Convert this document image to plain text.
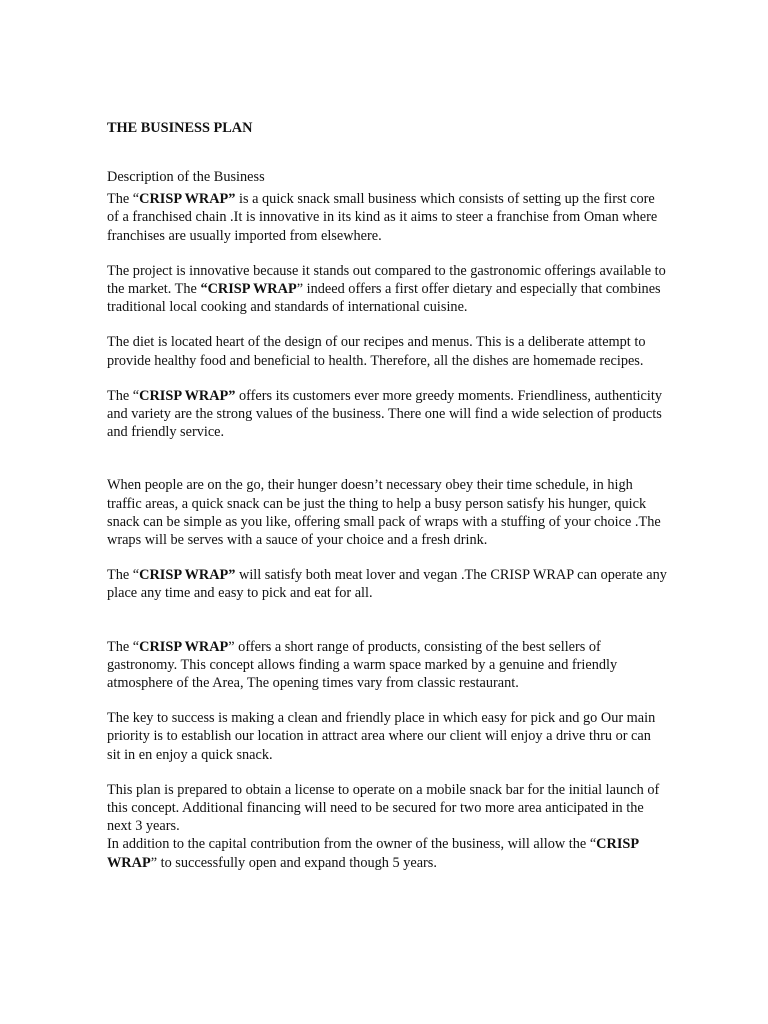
THE BUSINESS PLAN
Description of the Business

The “CRISP WRAP” is a quick snack small business which consists of setting up the first core of a franchised chain .It is innovative in its kind as it aims to steer a franchise from Oman where franchises are usually imported from elsewhere.

The project is innovative because it stands out compared to the gastronomic offerings available to the market. The “CRISP WRAP” indeed offers a first offer dietary and especially that combines traditional local cooking and standards of international cuisine.

The diet is located heart of the design of our recipes and menus. This is a deliberate attempt to provide healthy food and beneficial to health. Therefore, all the dishes are homemade recipes.

The “CRISP WRAP” offers its customers ever more greedy moments. Friendliness, authenticity and variety are the strong values of the business. There one will find a wide selection of products and friendly service.

When people are on the go, their hunger doesn’t necessary obey their time schedule, in high traffic areas, a quick snack can be just the thing to help a busy person satisfy his hunger, quick snack can be simple as you like, offering small pack of wraps with a stuffing of your choice .The wraps will be serves with a sauce of your choice and a fresh drink.

The “CRISP WRAP” will satisfy both meat lover and vegan .The CRISP WRAP can operate any place any time and easy to pick and eat for all.

The “CRISP WRAP” offers a short range of products, consisting of the best sellers of gastronomy. This concept allows finding a warm space marked by a genuine and friendly atmosphere of the Area, The opening times vary from classic restaurant.

The key to success is making a clean and friendly place in which easy for pick and go Our main priority is to establish our location in attract area where our client will enjoy a drive thru or can sit in en enjoy a quick snack.

This plan is prepared to obtain a license to operate on a mobile snack bar for the initial launch of this concept. Additional financing will need to be secured for two more area anticipated in the next 3 years.

In addition to the capital contribution from the owner of the business, will allow the “CRISP WRAP” to successfully open and expand though 5 years.
